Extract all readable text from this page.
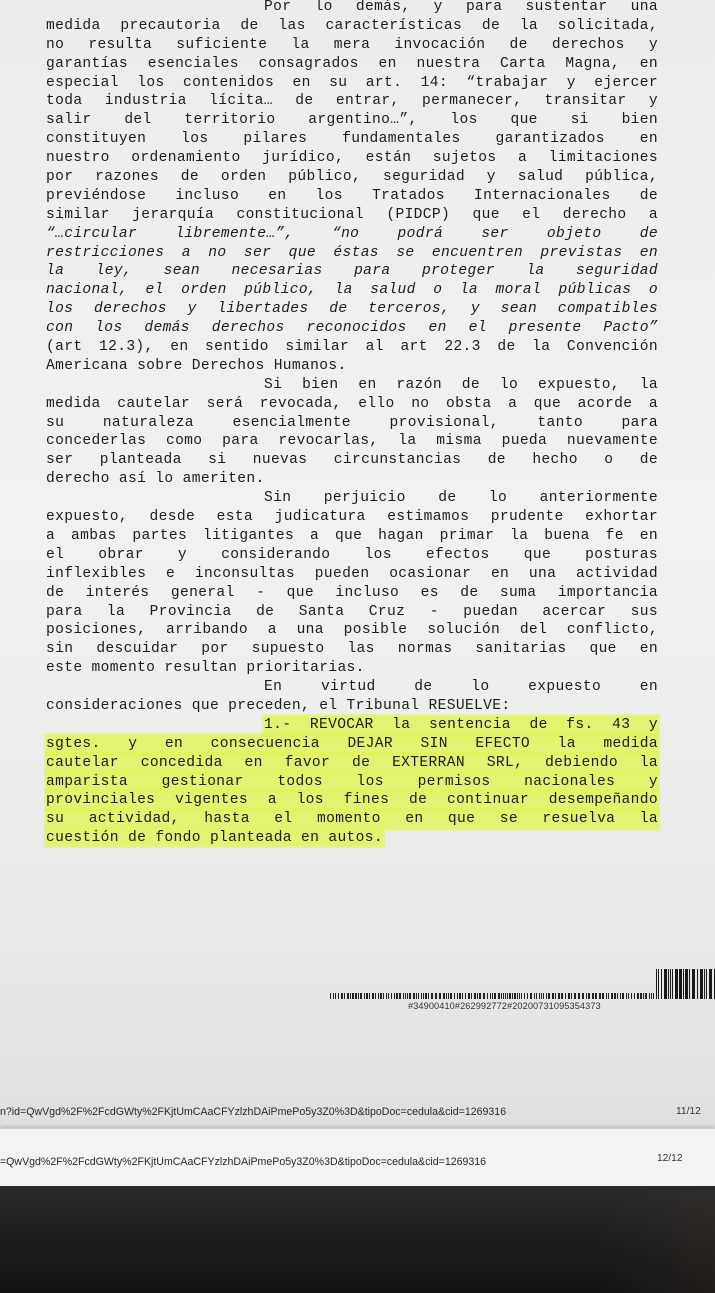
Por lo demás, y para sustentar una
medida precautoria de las características de la solicitada,
no resulta suficiente la mera invocación de derechos y
garantías esenciales consagrados en nuestra Carta Magna, en
especial los contenidos en su art. 14: “trabajar y ejercer
toda industria lícita… de entrar, permanecer, transitar y
salir del territorio argentino…”, los que si bien
constituyen los pilares fundamentales garantizados en
nuestro ordenamiento jurídico, están sujetos a limitaciones
por razones de orden público, seguridad y salud pública,
previéndose incluso en los Tratados Internacionales de
similar jerarquía constitucional (PIDCP) que el derecho a
“…circular libremente…”, “no podrá ser objeto de
restricciones a no ser que éstas se encuentren previstas en
la ley, sean necesarias para proteger la seguridad
nacional, el orden público, la salud o la moral públicas o
los derechos y libertades de terceros, y sean compatibles
con los demás derechos reconocidos en el presente Pacto”
(art 12.3), en sentido similar al art 22.3 de la Convención
Americana sobre Derechos Humanos.
Si bien en razón de lo expuesto, la
medida cautelar será revocada, ello no obsta a que acorde a
su naturaleza esencialmente provisional, tanto para
concederlas como para revocarlas, la misma pueda nuevamente
ser planteada si nuevas circunstancias de hecho o de
derecho así lo ameriten.
Sin perjuicio de lo anteriormente
expuesto, desde esta judicatura estimamos prudente exhortar
a ambas partes litigantes a que hagan primar la buena fe en
el obrar y considerando los efectos que posturas
inflexibles e inconsultas pueden ocasionar en una actividad
de interés general - que incluso es de suma importancia
para la Provincia de Santa Cruz - puedan acercar sus
posiciones, arribando a una posible solución del conflicto,
sin descuidar por supuesto las normas sanitarias que en
este momento resultan prioritarias.
En virtud de lo expuesto en
consideraciones que preceden, el Tribunal RESUELVE:
1.- REVOCAR la sentencia de fs. 43 y
sgtes. y en consecuencia DEJAR SIN EFECTO la medida
cautelar concedida en favor de EXTERRAN SRL, debiendo la
amparista gestionar todos los permisos nacionales y
provinciales vigentes a los fines de continuar desempeñando
su actividad, hasta el momento en que se resuelva la
cuestión de fondo planteada en autos.
#34900410#262992772#20200731095354373
n?id=QwVgd%2F%2FcdGWty%2FKjtUmCAaCFYzlzhDAiPmePo5y3Z0%3D&tipoDoc=cedula&cid=1269316	11/12
=QwVgd%2F%2FcdGWty%2FKjtUmCAaCFYzlzhDAiPmePo5y3Z0%3D&tipoDoc=cedula&cid=1269316	12/12
